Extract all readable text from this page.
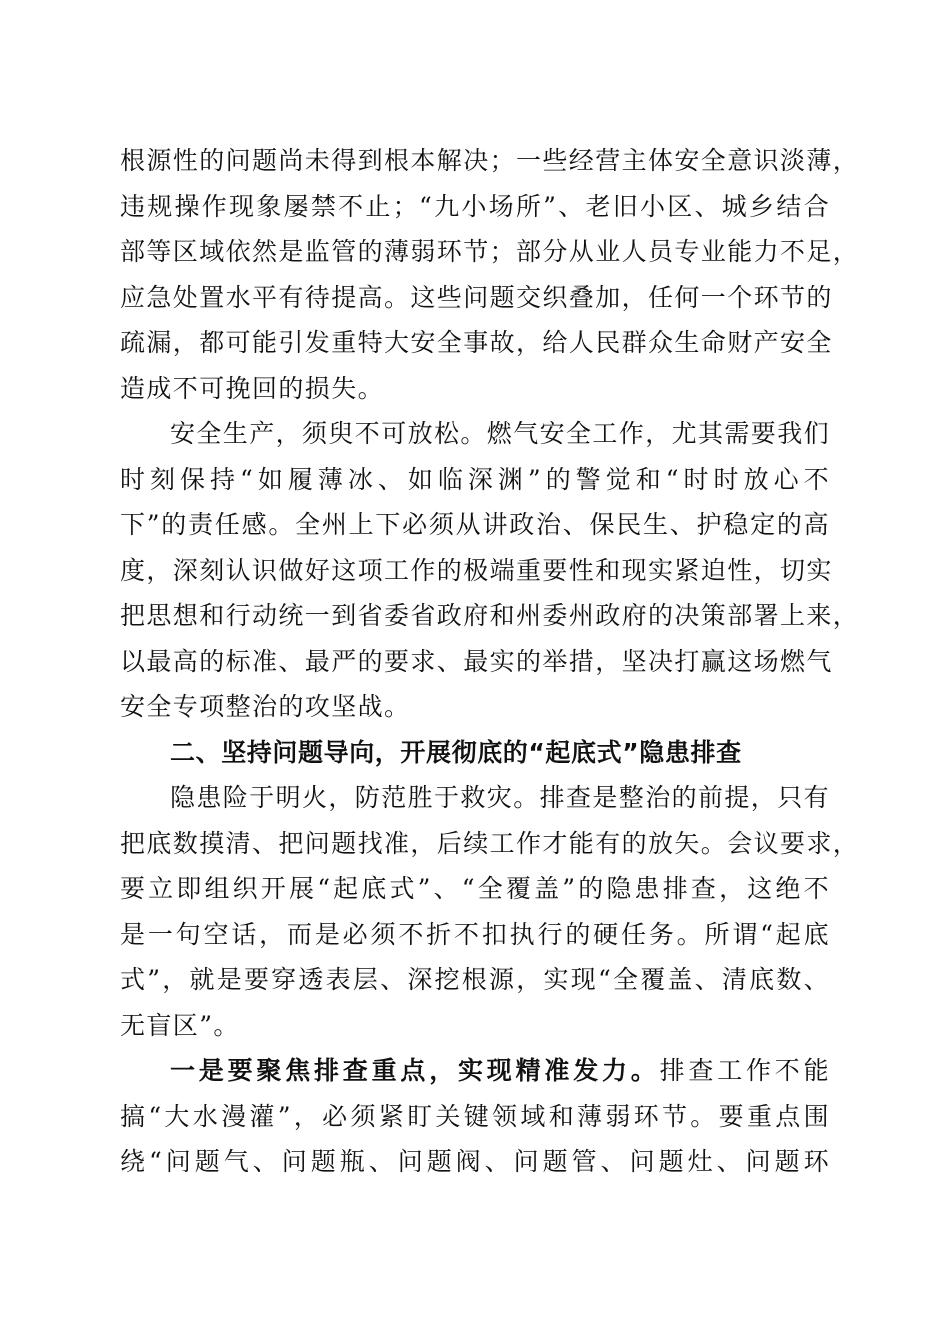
根源性的问题尚未得到根本解决；一些经营主体安全意识淡薄，
违规操作现象屡禁不止；“九小场所”、老旧小区、城乡结合
部等区域依然是监管的薄弱环节；部分从业人员专业能力不足，
应急处置水平有待提高。这些问题交织叠加，任何一个环节的
疏漏，都可能引发重特大安全事故，给人民群众生命财产安全
造成不可挽回的损失。
安全生产，须臾不可放松。燃气安全工作，尤其需要我们
时刻保持“如履薄冰、如临深渊”的警觉和“时时放心不
下”的责任感。全州上下必须从讲政治、保民生、护稳定的高
度，深刻认识做好这项工作的极端重要性和现实紧迫性，切实
把思想和行动统一到省委省政府和州委州政府的决策部署上来，
以最高的标准、最严的要求、最实的举措，坚决打赢这场燃气
安全专项整治的攻坚战。
二、坚持问题导向，开展彻底的“起底式”隐患排查
隐患险于明火，防范胜于救灾。排查是整治的前提，只有
把底数摸清、把问题找准，后续工作才能有的放矢。会议要求，
要立即组织开展“起底式”、“全覆盖”的隐患排查，这绝不
是一句空话，而是必须不折不扣执行的硬任务。所谓“起底
式”，就是要穿透表层、深挖根源，实现“全覆盖、清底数、
无盲区”。
一是要聚焦排查重点，实现精准发力。排查工作不能
搞“大水漫灌”，必须紧盯关键领域和薄弱环节。要重点围
绕“问题气、问题瓶、问题阀、问题管、问题灶、问题环
